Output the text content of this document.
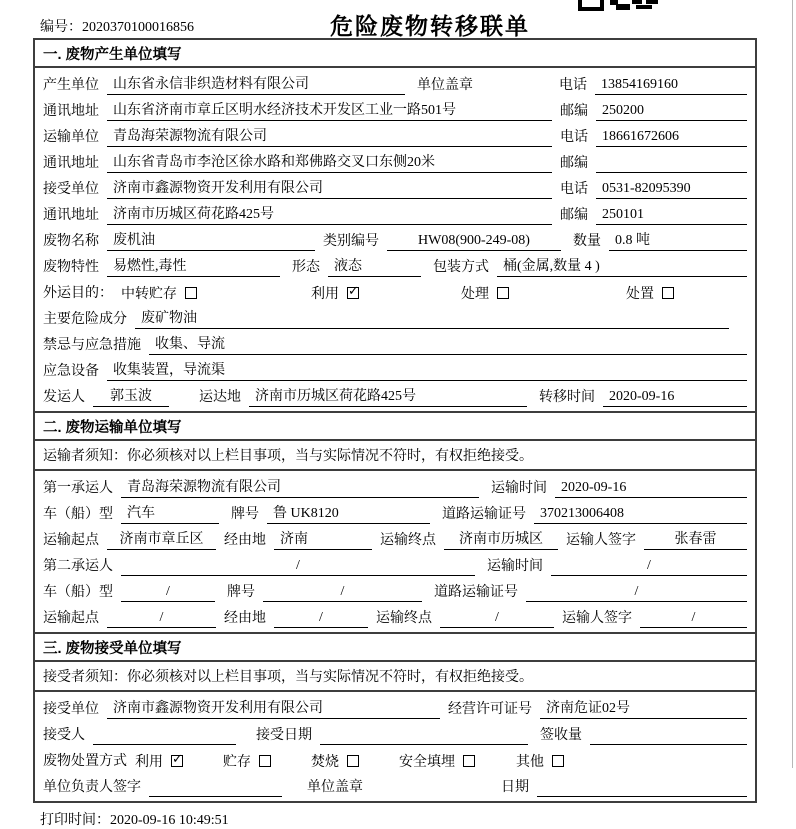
编号：2020370100016856	危险废物转移联单
一. 废物产生单位填写
产生单位	山东省永信非织造材料有限公司	单位盖章	电话	13854169160
通讯地址	山东省济南市章丘区明水经济技术开发区工业一路501号	邮编	250200
运输单位	青岛海荣源物流有限公司	电话	18661672606
通讯地址	山东省青岛市李沧区徐水路和郑佛路交叉口东侧20米	邮编
接受单位	济南市鑫源物资开发利用有限公司	电话	0531-82095390
通讯地址	济南市历城区荷花路425号	邮编	250101
废物名称	废机油	类别编号	HW08(900-249-08)	数量	0.8 吨
废物特性	易燃性,毒性	形态	液态	包装方式	桶(金属,数量 4 )
外运目的： 中转贮存	利用 ✓	处理	处置
主要危险成分	废矿物油
禁忌与应急措施	收集、导流
应急设备	收集装置，导流渠
发运人	郭玉波	运达地	济南市历城区荷花路425号	转移时间	2020-09-16
二. 废物运输单位填写
运输者须知：你必须核对以上栏目事项，当与实际情况不符时，有权拒绝接受。
第一承运人	青岛海荣源物流有限公司	运输时间	2020-09-16
车（船）型	汽车	牌号	鲁 UK8120	道路运输证号	370213006408
运输起点	济南市章丘区	经由地	济南	运输终点	济南市历城区	运输人签字	张春雷
第二承运人	/	运输时间	/
车（船）型	/	牌号	/	道路运输证号	/
运输起点	/	经由地	/	运输终点	/	运输人签字	/
三. 废物接受单位填写
接受者须知：你必须核对以上栏目事项，当与实际情况不符时，有权拒绝接受。
接受单位	济南市鑫源物资开发利用有限公司	经营许可证号	济南危证02号
接受人	接受日期	签收量
废物处置方式 利用 ✓	贮存	焚烧	安全填埋	其他
单位负责人签字	单位盖章	日期
打印时间：2020-09-16 10:49:51
